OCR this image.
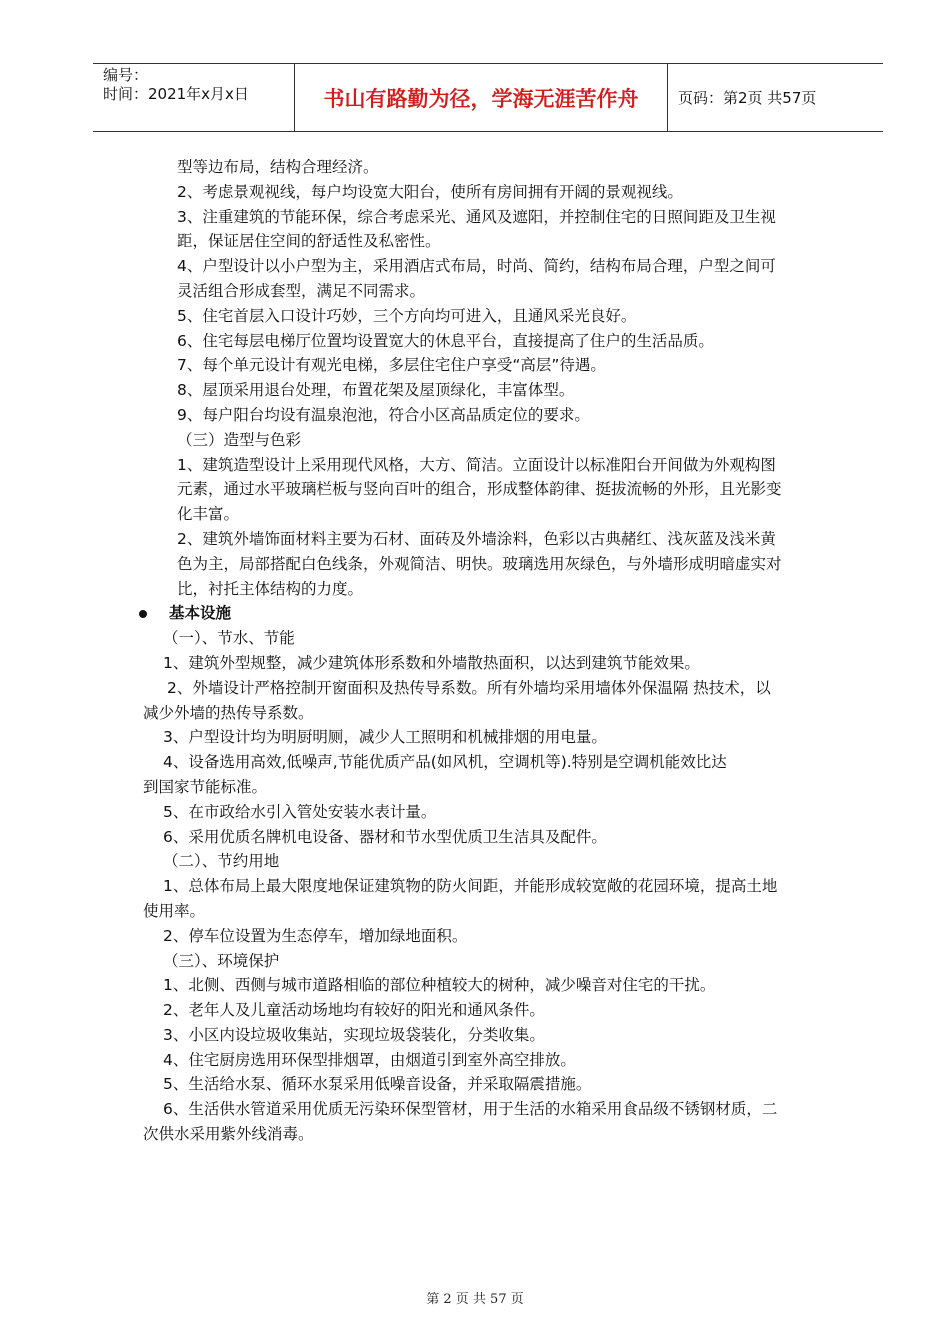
编号：
时间：2021年x月x日	书山有路勤为径，学海无涯苦作舟	页码：第2页 共57页
型等边布局，结构合理经济。
2、考虑景观视线，每户均设宽大阳台，使所有房间拥有开阔的景观视线。
3、注重建筑的节能环保，综合考虑采光、通风及遮阳，并控制住宅的日照间距及卫生视
距，保证居住空间的舒适性及私密性。
4、户型设计以小户型为主，采用酒店式布局，时尚、简约，结构布局合理，户型之间可
灵活组合形成套型，满足不同需求。
5、住宅首层入口设计巧妙，三个方向均可进入，且通风采光良好。
6、住宅每层电梯厅位置均设置宽大的休息平台，直接提高了住户的生活品质。
7、每个单元设计有观光电梯，多层住宅住户享受“高层”待遇。
8、屋顶采用退台处理，布置花架及屋顶绿化，丰富体型。
9、每户阳台均设有温泉泡池，符合小区高品质定位的要求。
（三）造型与色彩
1、建筑造型设计上采用现代风格，大方、简洁。立面设计以标准阳台开间做为外观构图
元素，通过水平玻璃栏板与竖向百叶的组合，形成整体韵律、挺拔流畅的外形，且光影变
化丰富。
2、建筑外墙饰面材料主要为石材、面砖及外墙涂料，色彩以古典赭红、浅灰蓝及浅米黄
色为主，局部搭配白色线条，外观简洁、明快。玻璃选用灰绿色，与外墙形成明暗虚实对
比，衬托主体结构的力度。
基本设施
（一）、节水、节能
1、建筑外型规整，减少建筑体形系数和外墙散热面积，以达到建筑节能效果。
2、外墙设计严格控制开窗面积及热传导系数。所有外墙均采用墙体外保温隔 热技术，以
减少外墙的热传导系数。
3、户型设计均为明厨明厕，减少人工照明和机械排烟的用电量。
4、设备选用高效,低噪声,节能优质产品(如风机，空调机等).特别是空调机能效比达
到国家节能标准。
5、在市政给水引入管处安装水表计量。
6、采用优质名牌机电设备、器材和节水型优质卫生洁具及配件。
（二）、节约用地
1、总体布局上最大限度地保证建筑物的防火间距，并能形成较宽敞的花园环境，提高土地
使用率。
2、停车位设置为生态停车，增加绿地面积。
（三）、环境保护
1、北侧、西侧与城市道路相临的部位种植较大的树种，减少噪音对住宅的干扰。
2、老年人及儿童活动场地均有较好的阳光和通风条件。
3、小区内设垃圾收集站，实现垃圾袋装化，分类收集。
4、住宅厨房选用环保型排烟罩，由烟道引到室外高空排放。
5、生活给水泵、循环水泵采用低噪音设备，并采取隔震措施。
6、生活供水管道采用优质无污染环保型管材，用于生活的水箱采用食品级不锈钢材质，二
次供水采用紫外线消毒。
第 2 页 共 57 页
